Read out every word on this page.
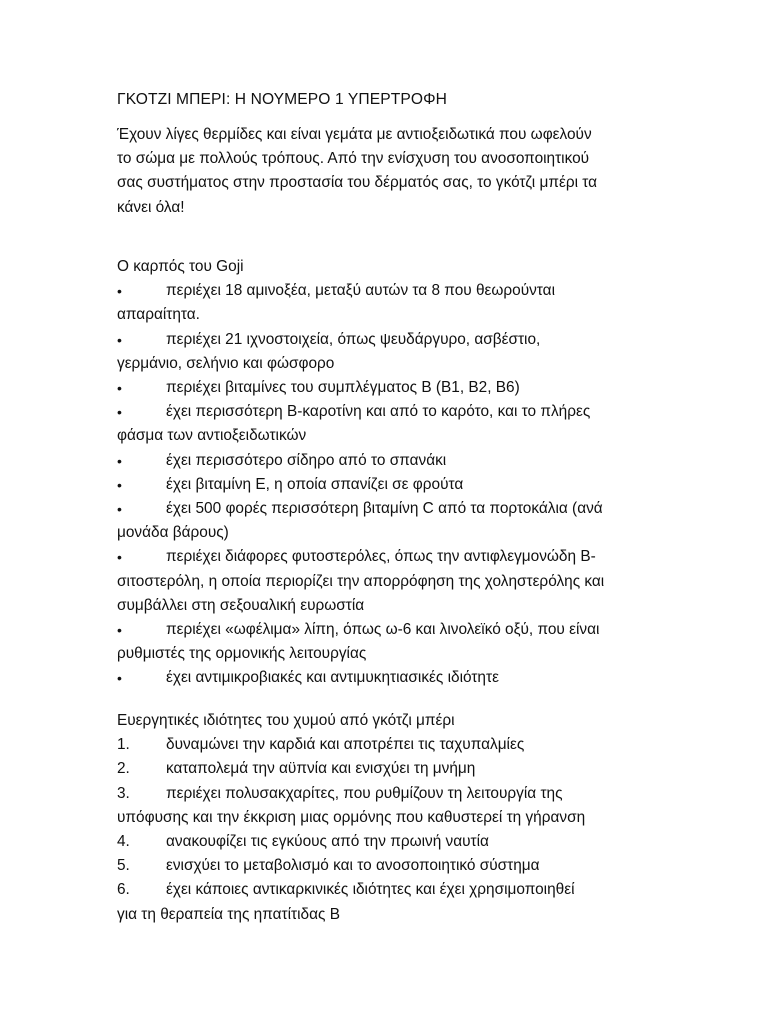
ΓΚΟΤΖΙ ΜΠΕΡΙ: Η ΝΟΥΜΕΡΟ 1 ΥΠΕΡΤΡΟΦΗ
Έχουν λίγες θερμίδες και είναι γεμάτα με αντιοξειδωτικά που ωφελούν
το σώμα με πολλούς τρόπους. Από την ενίσχυση του ανοσοποιητικού
σας συστήματος στην προστασία του δέρματός σας, το γκότζι μπέρι τα
κάνει όλα!
Ο καρπός του Goji
•	περιέχει 18 αμινοξέα, μεταξύ αυτών τα 8 που θεωρούνται
απαραίτητα.
•	περιέχει 21 ιχνοστοιχεία, όπως ψευδάργυρο, ασβέστιο,
γερμάνιο, σελήνιο και φώσφορο
•	περιέχει βιταμίνες του συμπλέγματος Β (Β1, Β2, Β6)
•	έχει περισσότερη Β-καροτίνη και από το καρότο, και το πλήρες
φάσμα των αντιοξειδωτικών
•	έχει περισσότερο σίδηρο από το σπανάκι
•	έχει βιταμίνη Ε, η οποία σπανίζει σε φρούτα
•	έχει 500 φορές περισσότερη βιταμίνη C από τα πορτοκάλια (ανά
μονάδα βάρους)
•	περιέχει διάφορες φυτοστερόλες, όπως την αντιφλεγμονώδη Β-
σιτοστερόλη, η οποία περιορίζει την απορρόφηση της χοληστερόλης και
συμβάλλει στη σεξουαλική ευρωστία
•	περιέχει «ωφέλιμα» λίπη, όπως ω-6 και λινολεϊκό οξύ, που είναι
ρυθμιστές της ορμονικής λειτουργίας
•	έχει αντιμικροβιακές και αντιμυκητιασικές ιδιότητε
Ευεργητικές ιδιότητες του χυμού από γκότζι μπέρι
1. δυναμώνει την καρδιά και αποτρέπει τις ταχυπαλμίες
2. καταπολεμά την αϋπνία και ενισχύει τη μνήμη
3. περιέχει πολυσακχαρίτες, που ρυθμίζουν τη λειτουργία της
υπόφυσης και την έκκριση μιας ορμόνης που καθυστερεί τη γήρανση
4. ανακουφίζει τις εγκύους από την πρωινή ναυτία
5. ενισχύει το μεταβολισμό και το ανοσοποιητικό σύστημα
6. έχει κάποιες αντικαρκινικές ιδιότητες και έχει χρησιμοποιηθεί
για τη θεραπεία της ηπατίτιδας Β
